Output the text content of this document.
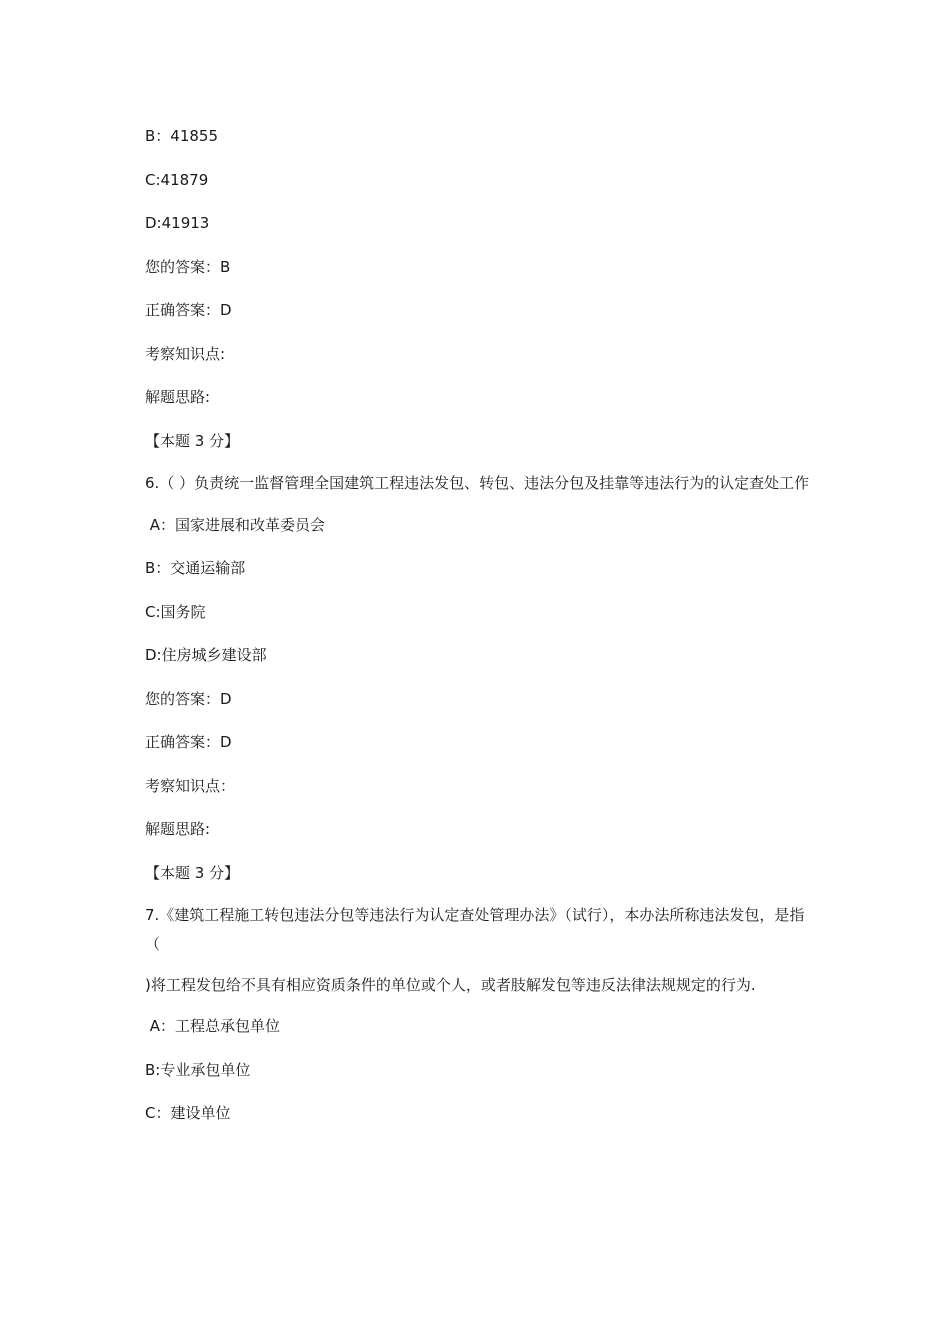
B：41855
C:41879
D:41913
您的答案：B
正确答案：D
考察知识点:
解题思路:
【本题 3 分】
6.（ ）负责统一监督管理全国建筑工程违法发包、转包、违法分包及挂靠等违法行为的认定查处工作
A：国家进展和改革委员会
B：交通运输部
C:国务院
D:住房城乡建设部
您的答案：D
正确答案：D
考察知识点：
解题思路:
【本题 3 分】
7.《建筑工程施工转包违法分包等违法行为认定查处管理办法》（试行），本办法所称违法发包，是指（
)将工程发包给不具有相应资质条件的单位或个人，或者肢解发包等违反法律法规规定的行为.
A：工程总承包单位
B:专业承包单位
C：建设单位
